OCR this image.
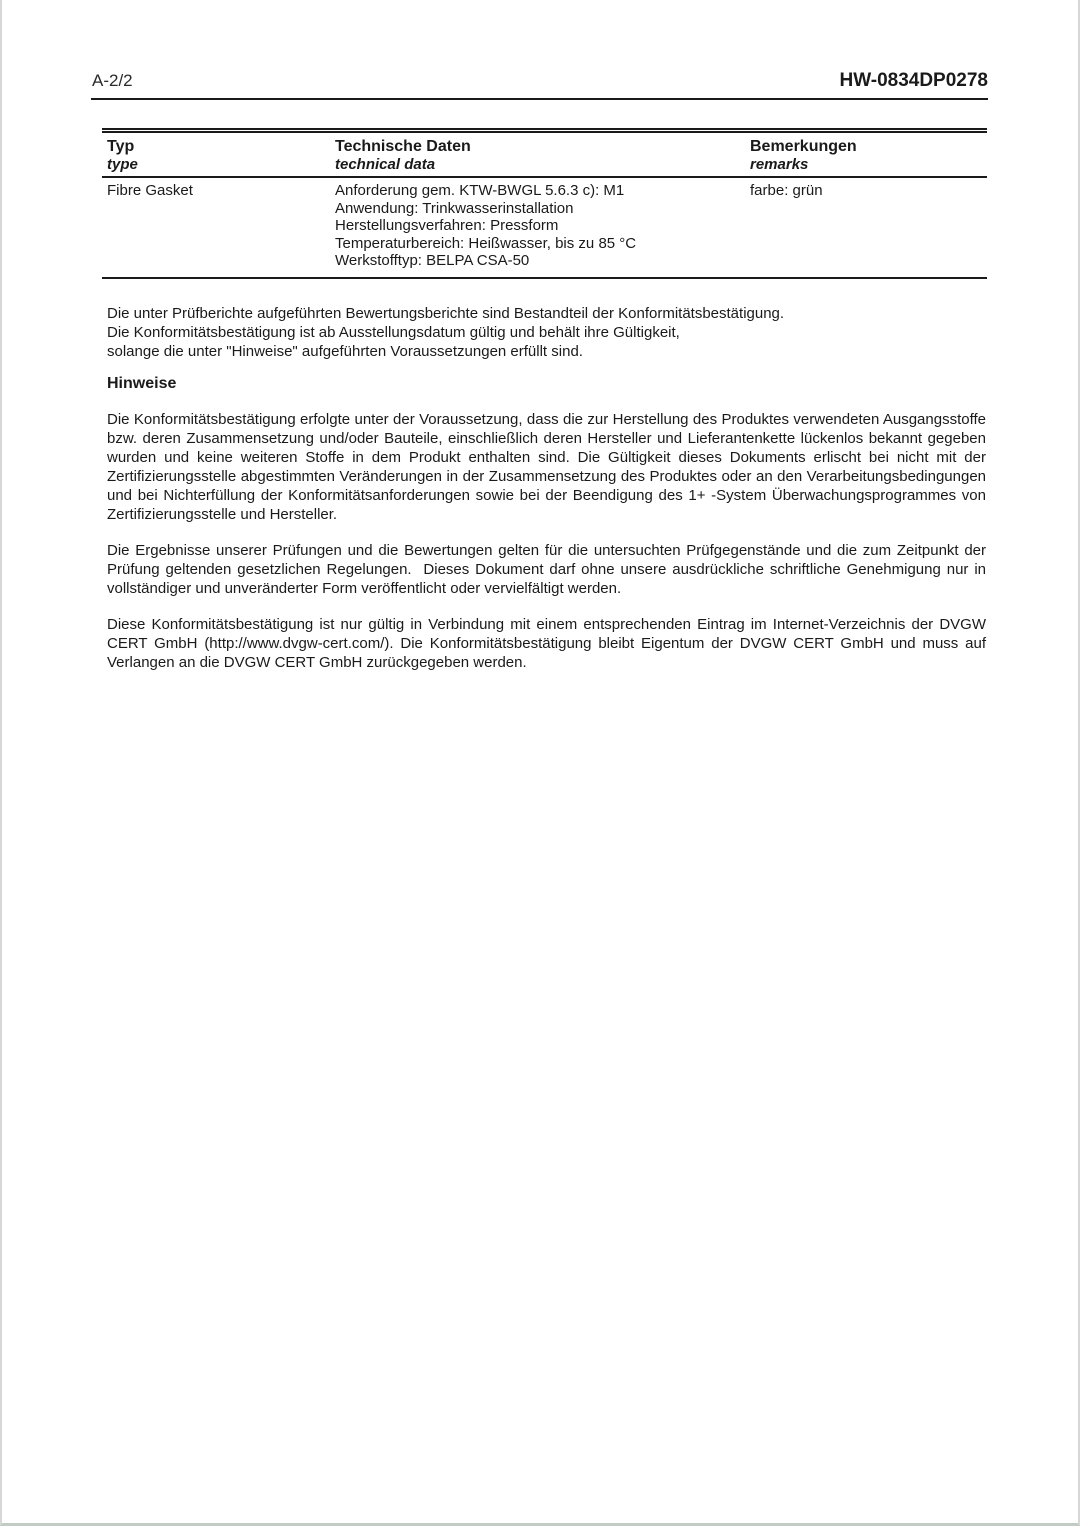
A-2/2	HW-0834DP0278
Typ
type
Technische Daten
technical data
Bemerkungen
remarks
Fibre Gasket	Anforderung gem. KTW-BWGL 5.6.3 c): M1
Anwendung: Trinkwasserinstallation
Herstellungsverfahren: Pressform
Temperaturbereich: Heißwasser, bis zu 85 °C
Werkstofftyp: BELPA CSA-50
farbe: grün
Die unter Prüfberichte aufgeführten Bewertungsberichte sind Bestandteil der Konformitätsbestätigung.
Die Konformitätsbestätigung ist ab Ausstellungsdatum gültig und behält ihre Gültigkeit,
solange die unter "Hinweise" aufgeführten Voraussetzungen erfüllt sind.
Hinweise

Die Konformitätsbestätigung erfolgte unter der Voraussetzung, dass die zur Herstellung des Produktes verwendeten Ausgangsstoffe bzw. deren Zusammensetzung und/oder Bauteile, einschließlich deren Hersteller und Lieferantenkette lückenlos bekannt gegeben wurden und keine weiteren Stoffe in dem Produkt enthalten sind. Die Gültigkeit dieses Dokuments erlischt bei nicht mit der Zertifizierungsstelle abgestimmten Veränderungen in der Zusammensetzung des Produktes oder an den Verarbeitungsbedingungen und bei Nichterfüllung der Konformitätsanforderungen sowie bei der Beendigung des 1+ -System Überwachungsprogrammes von Zertifizierungsstelle und Hersteller.

Die Ergebnisse unserer Prüfungen und die Bewertungen gelten für die untersuchten Prüfgegenstände und die zum Zeitpunkt der Prüfung geltenden gesetzlichen Regelungen.  Dieses Dokument darf ohne unsere ausdrückliche schriftliche Genehmigung nur in vollständiger und unveränderter Form veröffentlicht oder vervielfältigt werden.

Diese Konformitätsbestätigung ist nur gültig in Verbindung mit einem entsprechenden Eintrag im Internet-Verzeichnis der DVGW CERT GmbH (http://www.dvgw-cert.com/). Die Konformitätsbestätigung bleibt Eigentum der DVGW CERT GmbH und muss auf Verlangen an die DVGW CERT GmbH zurückgegeben werden.
